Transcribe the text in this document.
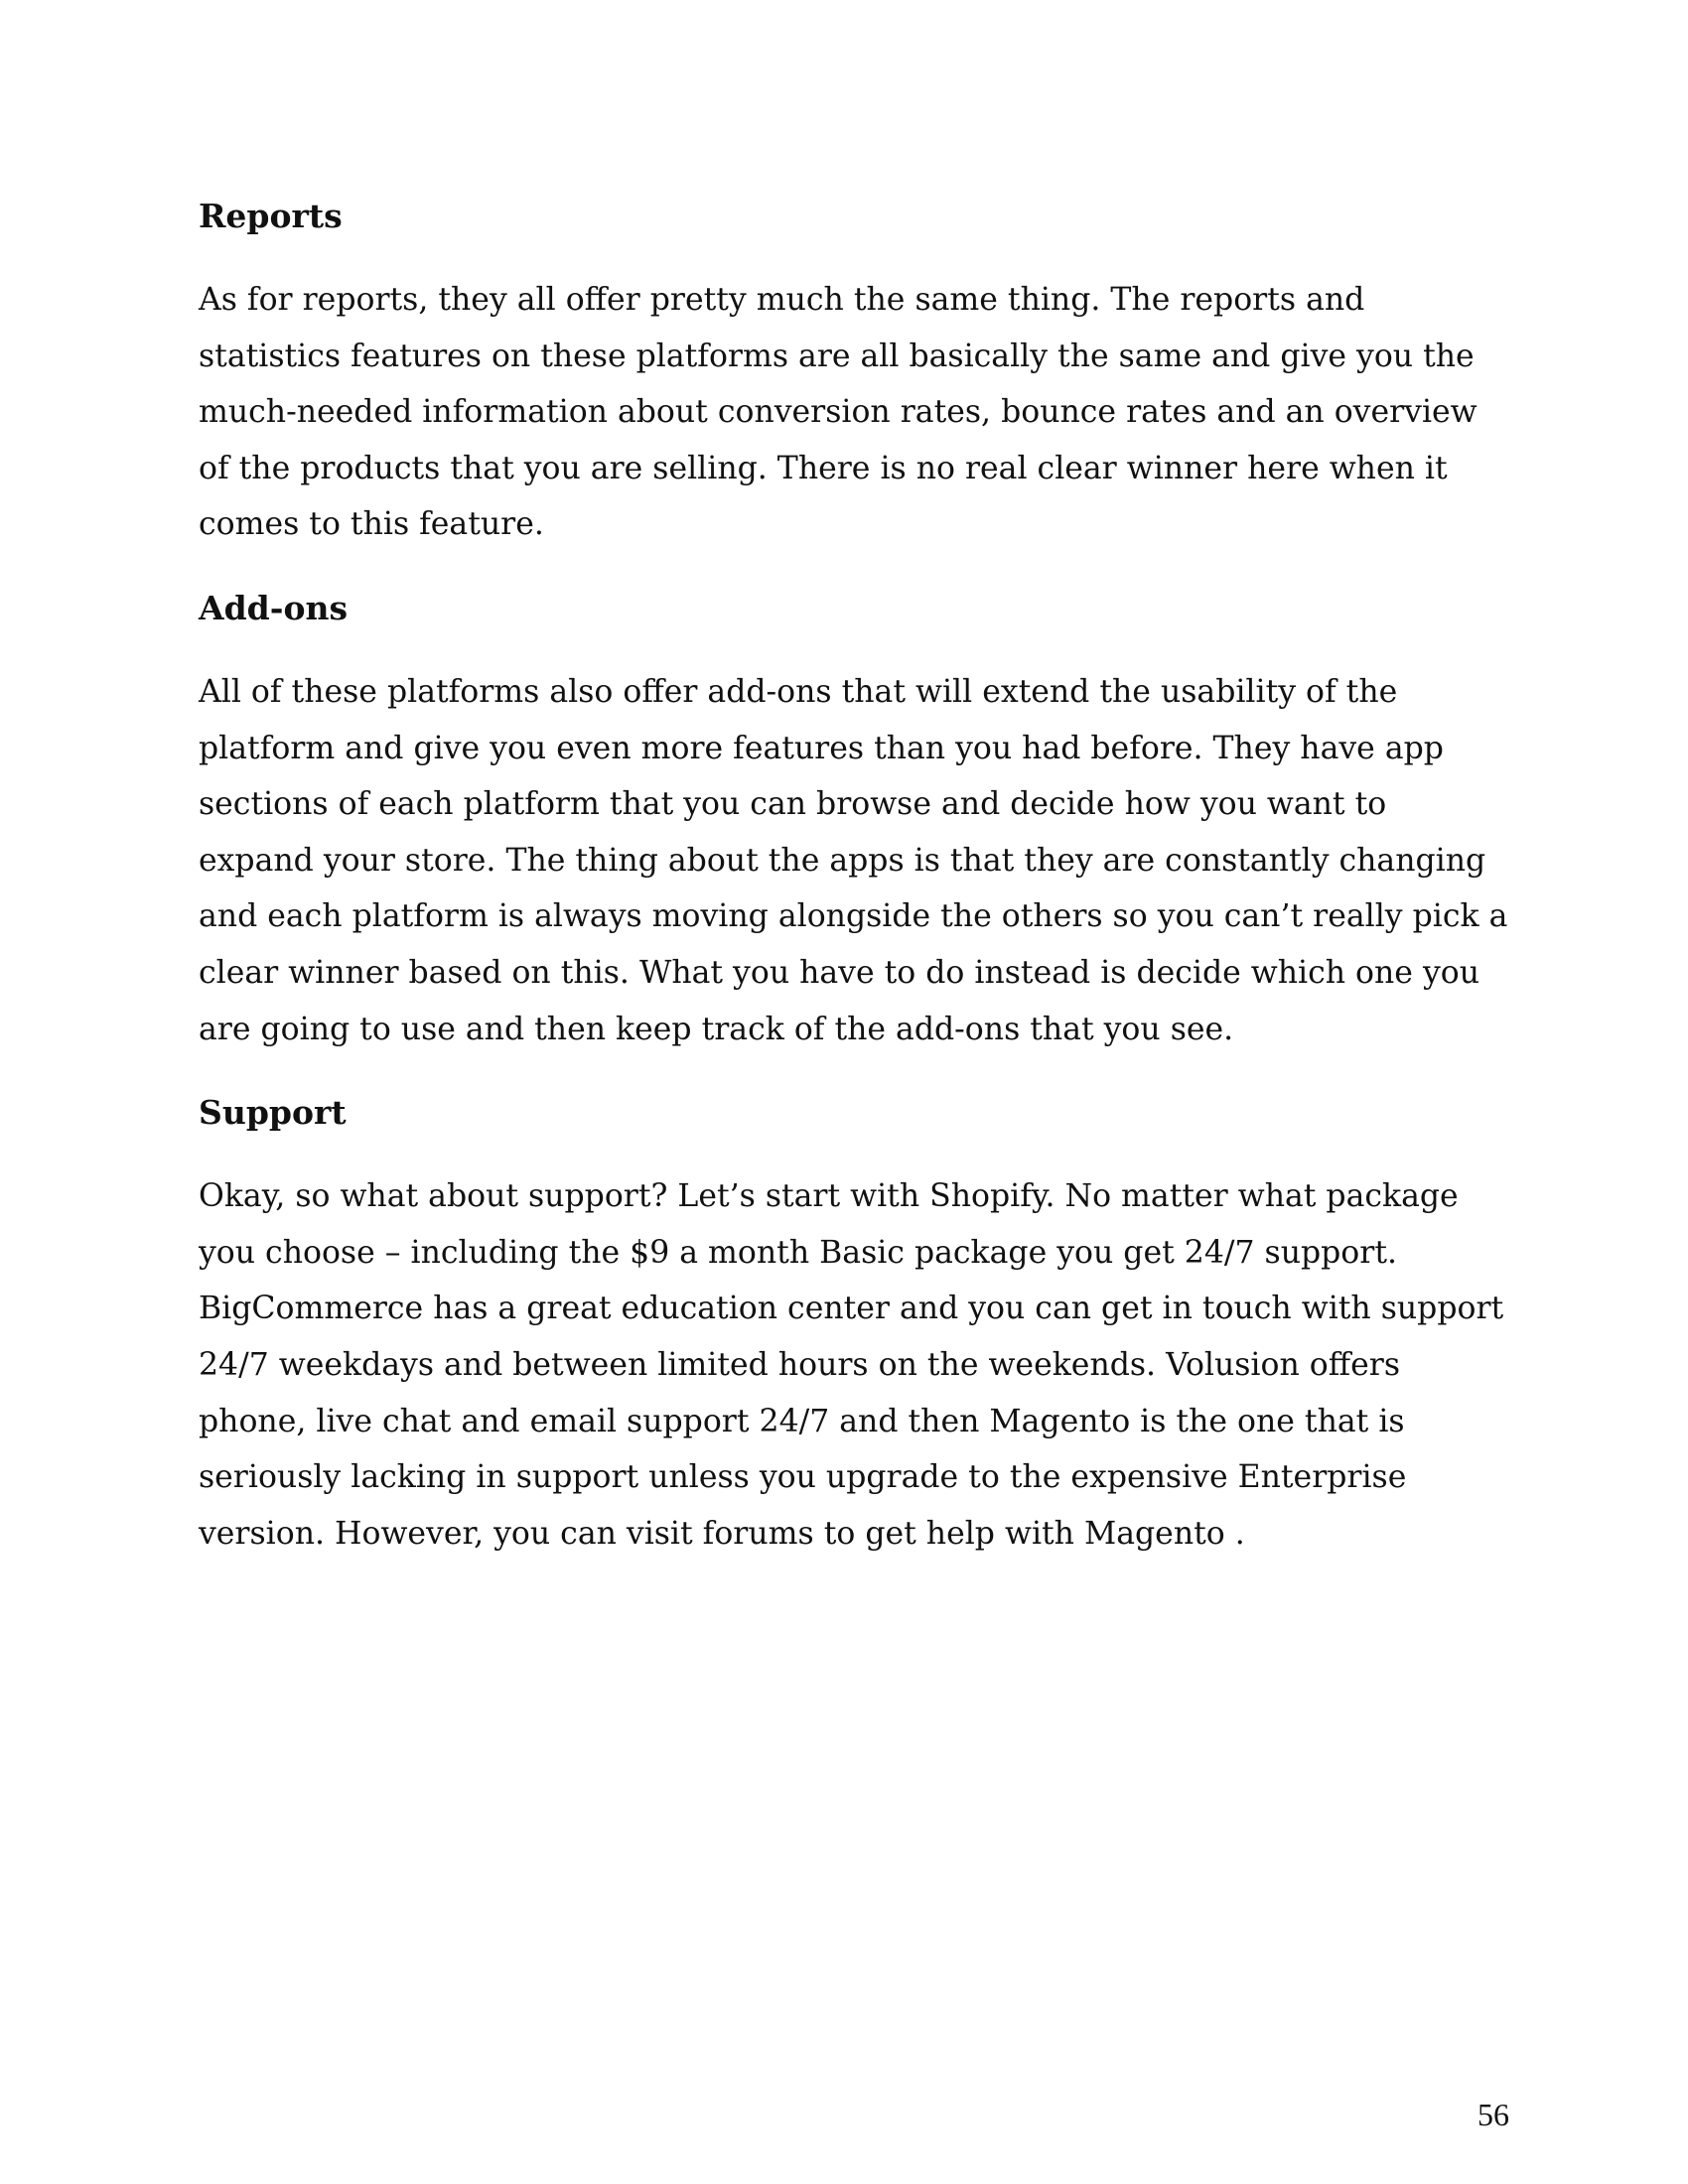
Reports

As for reports, they all offer pretty much the same thing. The reports and statistics features on these platforms are all basically the same and give you the much-needed information about conversion rates, bounce rates and an overview of the products that you are selling. There is no real clear winner here when it comes to this feature.

Add-ons

All of these platforms also offer add-ons that will extend the usability of the platform and give you even more features than you had before. They have app sections of each platform that you can browse and decide how you want to expand your store. The thing about the apps is that they are constantly changing and each platform is always moving alongside the others so you can’t really pick a clear winner based on this. What you have to do instead is decide which one you are going to use and then keep track of the add-ons that you see.

Support

Okay, so what about support? Let’s start with Shopify. No matter what package you choose – including the $9 a month Basic package you get 24/7 support. BigCommerce has a great education center and you can get in touch with support 24/7 weekdays and between limited hours on the weekends. Volusion offers phone, live chat and email support 24/7 and then Magento is the one that is seriously lacking in support unless you upgrade to the expensive Enterprise version. However, you can visit forums to get help with Magento .

56
